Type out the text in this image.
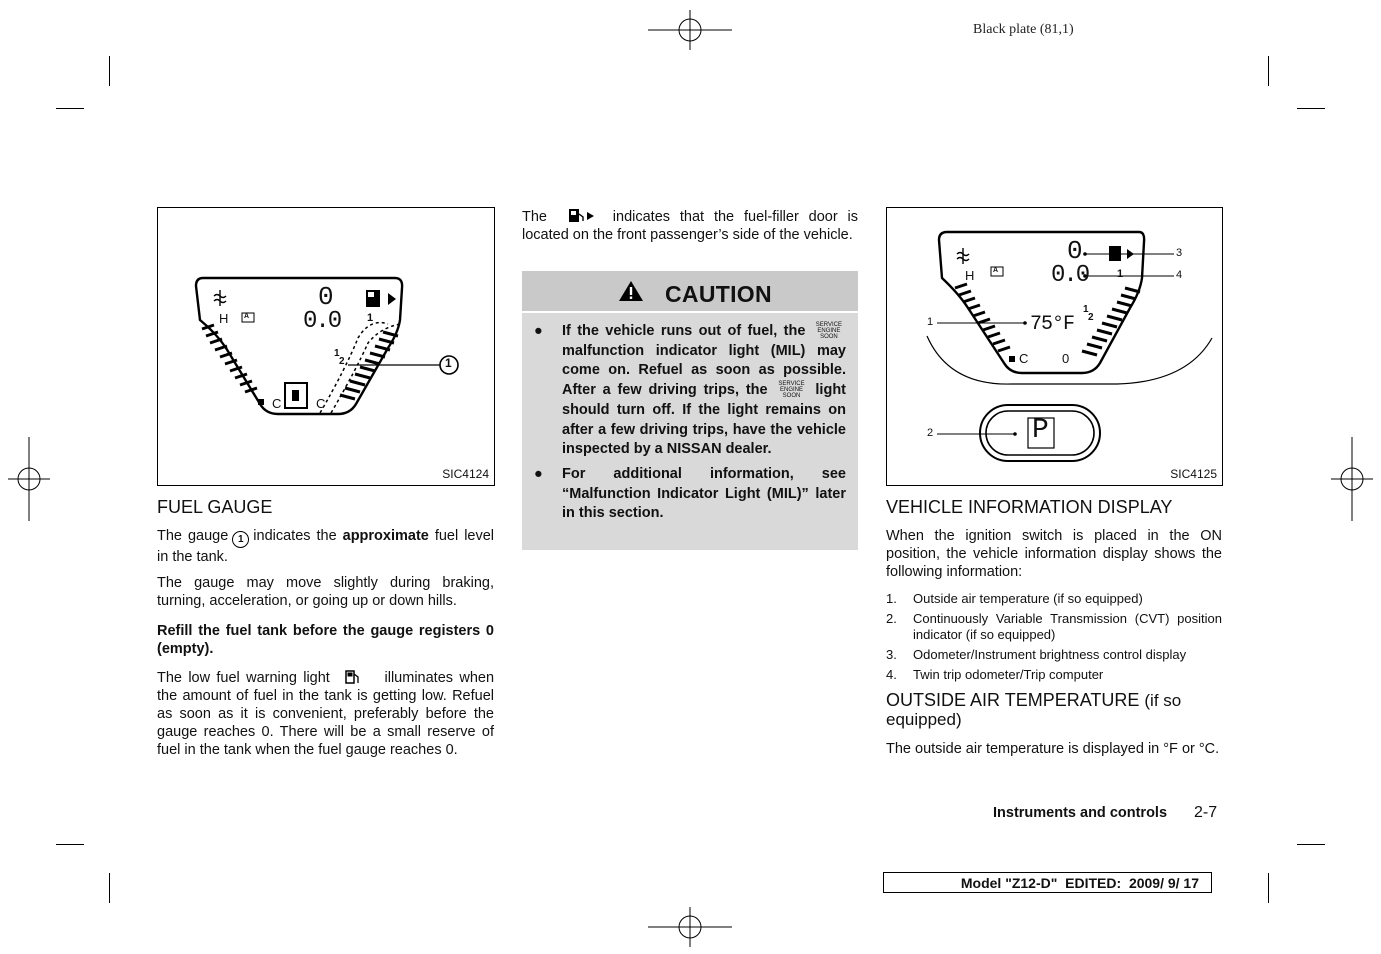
Black plate (81,1)
H A
0
0.0 1
1
2
C	C
1
SIC4124
H	A
C	0
0
0.0
75°F
1
1
2
P
1
2
3
4
SIC4125
FUEL GAUGE

The gauge 1 indicates the approximate fuel level in the tank.

The gauge may move slightly during braking, turning, acceleration, or going up or down hills.

Refill the fuel tank before the gauge registers 0 (empty).

The low fuel warning light	illuminates when the amount of fuel in the tank is getting low. Refuel as soon as it is convenient, preferably before the gauge reaches 0. There will be a small reserve of fuel in the tank when the fuel gauge reaches 0.

The	indicates that the fuel-filler door is located on the front passenger’s side of the vehicle.

CAUTION
● If the vehicle runs out of fuel, the SERVICE
ENGINE
SOON malfunction indicator light (MIL) may come on. Refuel as soon as possible. After a few driving trips, the SERVICE
ENGINE
SOON light should turn off. If the light remains on after a few driving trips, have the vehicle inspected by a NISSAN dealer.
● For additional information, see “Malfunction Indicator Light (MIL)” later in this section.	VEHICLE INFORMATION DISPLAY

When the ignition switch is placed in the ON position, the vehicle information display shows the following information:

1. Outside air temperature (if so equipped)
2. Continuously Variable Transmission (CVT) position indicator (if so equipped)
3. Odometer/Instrument brightness control display
4. Twin trip odometer/Trip computer
OUTSIDE AIR TEMPERATURE (if so equipped)

The outside air temperature is displayed in °F or °C.

Instruments and controls 2-7
Model "Z12-D" EDITED: 2009/ 9/ 17
